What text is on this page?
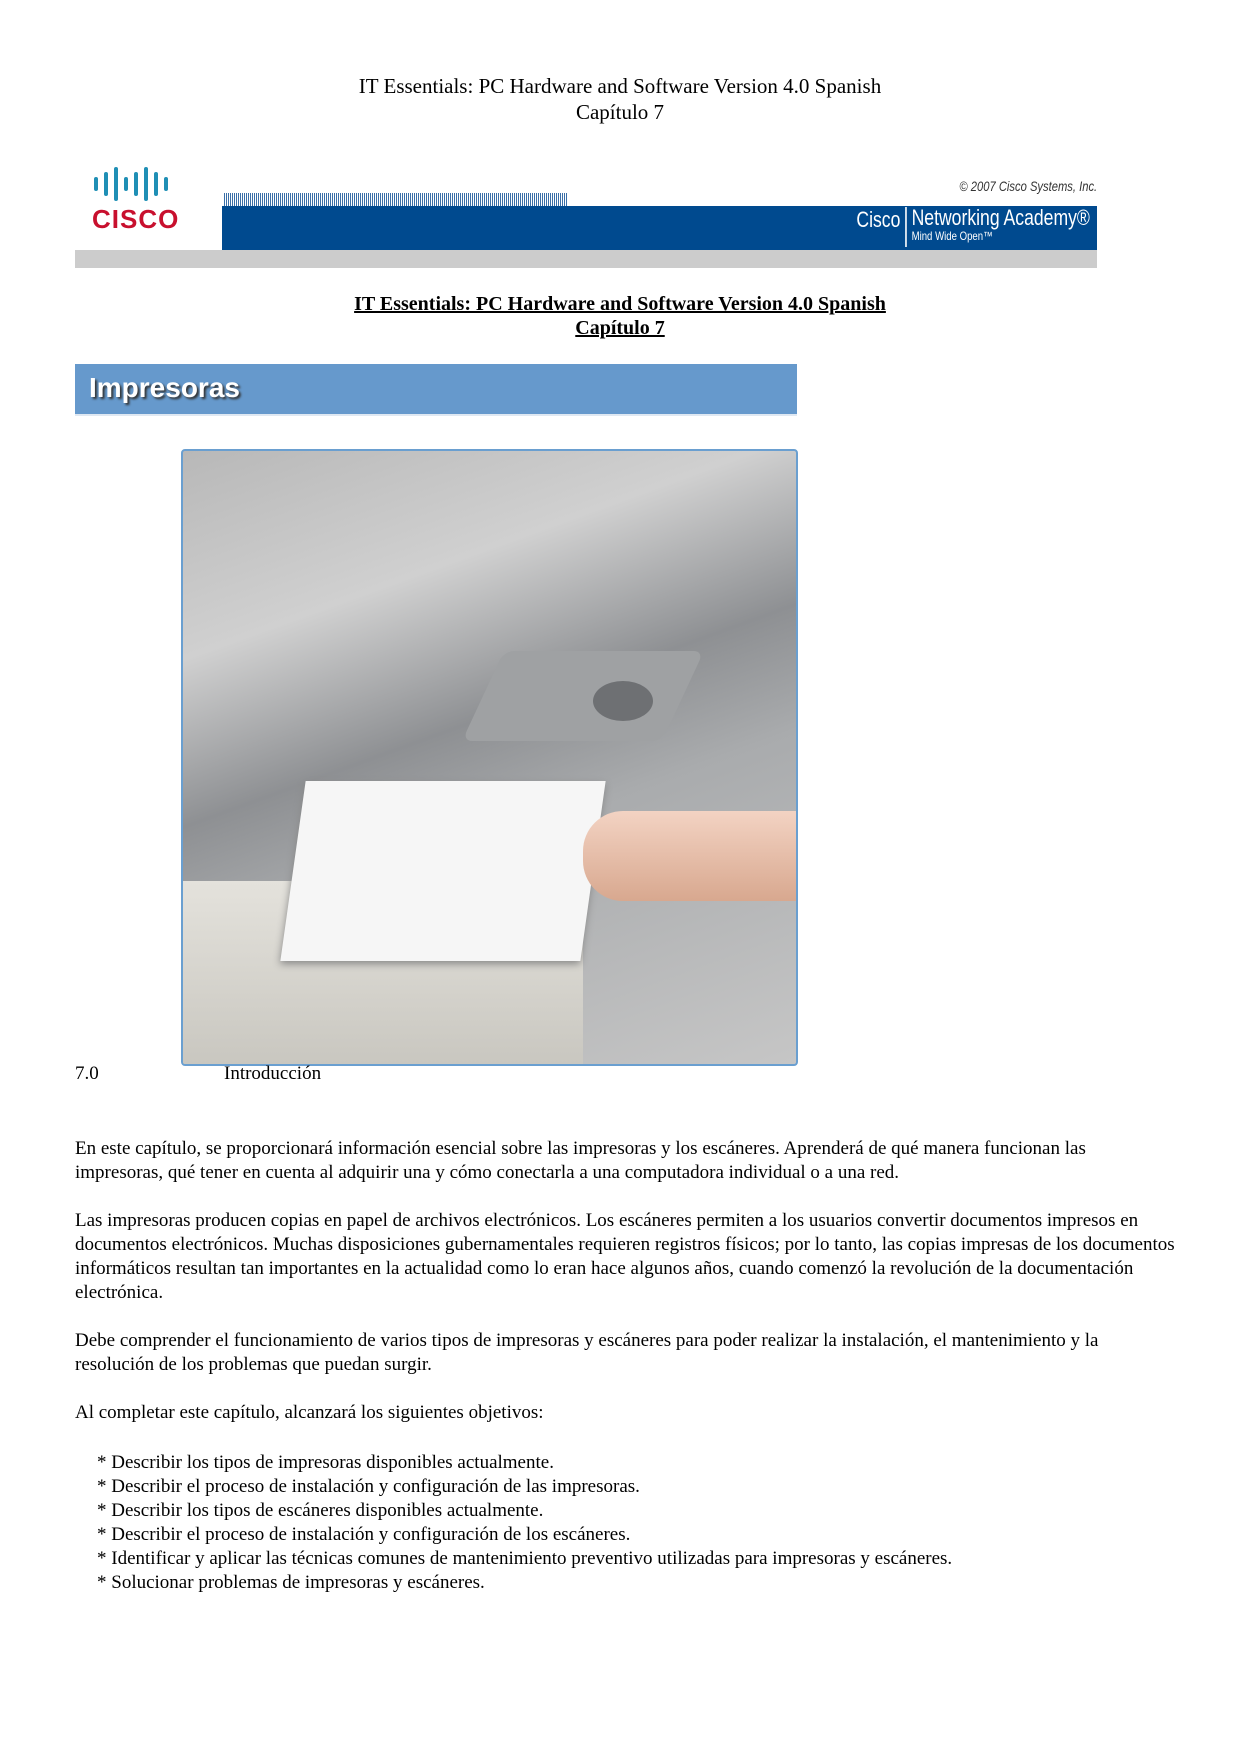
IT Essentials: PC Hardware and Software Version 4.0 Spanish
Capítulo 7
CISCO
© 2007 Cisco Systems, Inc.
Cisco Networking Academy®
Mind Wide Open™
IT Essentials: PC Hardware and Software Version 4.0 Spanish
Capítulo 7
Impresoras
7.0	Introducción

En este capítulo, se proporcionará información esencial sobre las impresoras y los escáneres. Aprenderá de qué manera funcionan las impresoras, qué tener en cuenta al adquirir una y cómo conectarla a una computadora individual o a una red.

Las impresoras producen copias en papel de archivos electrónicos. Los escáneres permiten a los usuarios convertir documentos impresos en documentos electrónicos. Muchas disposiciones gubernamentales requieren registros físicos; por lo tanto, las copias impresas de los documentos informáticos resultan tan importantes en la actualidad como lo eran hace algunos años, cuando comenzó la revolución de la documentación electrónica.

Debe comprender el funcionamiento de varios tipos de impresoras y escáneres para poder realizar la instalación, el mantenimiento y la resolución de los problemas que puedan surgir.

Al completar este capítulo, alcanzará los siguientes objetivos:

* Describir los tipos de impresoras disponibles actualmente.
* Describir el proceso de instalación y configuración de las impresoras.
* Describir los tipos de escáneres disponibles actualmente.
* Describir el proceso de instalación y configuración de los escáneres.
* Identificar y aplicar las técnicas comunes de mantenimiento preventivo utilizadas para impresoras y escáneres.
* Solucionar problemas de impresoras y escáneres.
